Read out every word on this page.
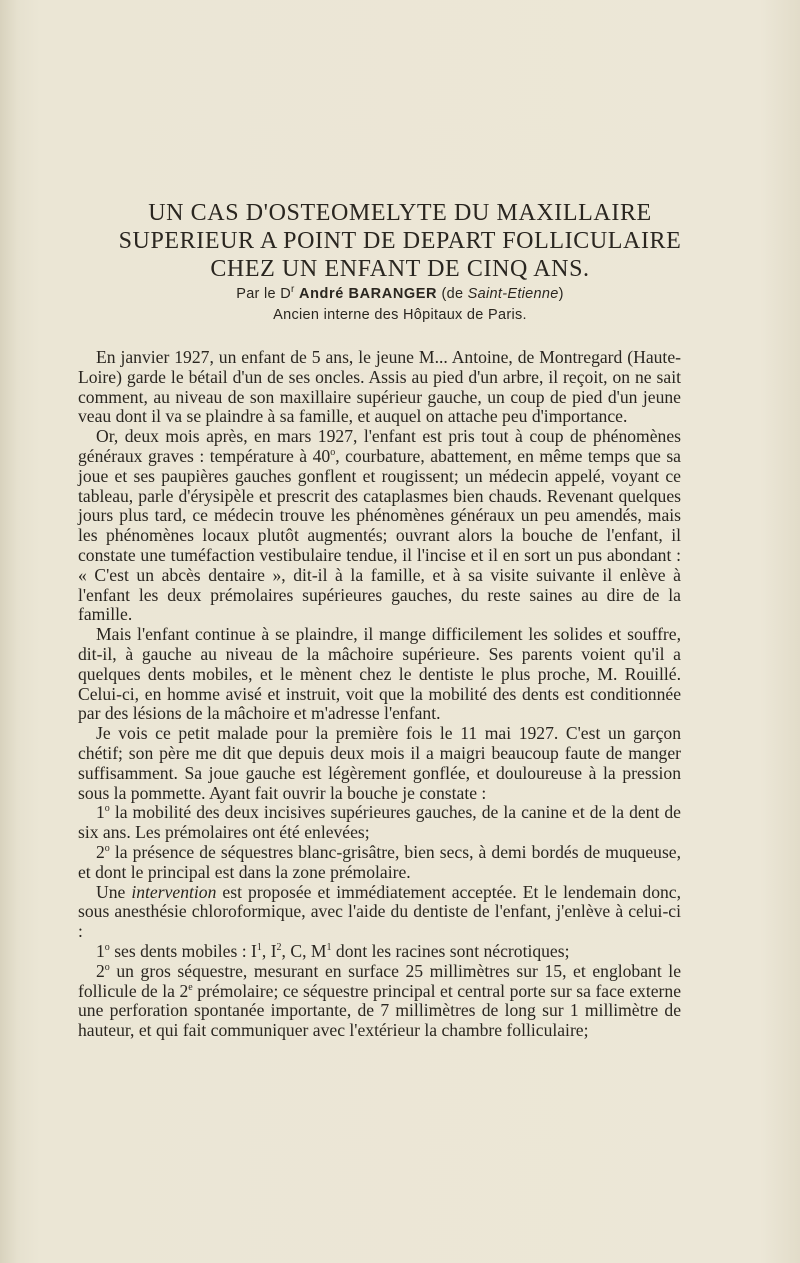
UN CAS D'OSTEOMELYTE DU MAXILLAIRE
SUPERIEUR A POINT DE DEPART FOLLICULAIRE
CHEZ UN ENFANT DE CINQ ANS.
Par le $D^r$ André BARANGER (de Saint-Etienne)
Ancien interne des Hôpitaux de Paris.

En janvier 1927, un enfant de 5 ans, le jeune M... Antoine, de Montregard (Haute-Loire) garde le bétail d'un de ses oncles. Assis au pied d'un arbre, il reçoit, on ne sait comment, au niveau de son maxillaire supérieur gauche, un coup de pied d'un jeune veau dont il va se plaindre à sa famille, et auquel on attache peu d'importance.

Or, deux mois après, en mars 1927, l'enfant est pris tout à coup de phénomènes généraux graves : température à 40$^o$, courbature, abattement, en même temps que sa joue et ses paupières gauches gonflent et rougissent; un médecin appelé, voyant ce tableau, parle d'érysipèle et prescrit des cataplasmes bien chauds. Revenant quelques jours plus tard, ce médecin trouve les phénomènes généraux un peu amendés, mais les phénomènes locaux plutôt augmentés; ouvrant alors la bouche de l'enfant, il constate une tuméfaction vestibulaire tendue, il l'incise et il en sort un pus abondant : « C'est un abcès dentaire », dit-il à la famille, et à sa visite suivante il enlève à l'enfant les deux prémolaires supérieures gauches, du reste saines au dire de la famille.

Mais l'enfant continue à se plaindre, il mange difficilement les solides et souffre, dit-il, à gauche au niveau de la mâchoire supérieure. Ses parents voient qu'il a quelques dents mobiles, et le mènent chez le dentiste le plus proche, M. Rouillé. Celui-ci, en homme avisé et instruit, voit que la mobilité des dents est conditionnée par des lésions de la mâchoire et m'adresse l'enfant.

Je vois ce petit malade pour la première fois le 11 mai 1927. C'est un garçon chétif; son père me dit que depuis deux mois il a maigri beaucoup faute de manger suffisamment. Sa joue gauche est légèrement gonflée, et douloureuse à la pression sous la pommette. Ayant fait ouvrir la bouche je constate :

1$^o$ la mobilité des deux incisives supérieures gauches, de la canine et de la dent de six ans. Les prémolaires ont été enlevées;

2$^o$ la présence de séquestres blanc-grisâtre, bien secs, à demi bordés de muqueuse, et dont le principal est dans la zone prémolaire.

Une intervention est proposée et immédiatement acceptée. Et le lendemain donc, sous anesthésie chloroformique, avec l'aide du dentiste de l'enfant, j'enlève à celui-ci :

1$^o$ ses dents mobiles : $I^1$, $I^2$, C, $M^1$ dont les racines sont nécrotiques;

2$^o$ un gros séquestre, mesurant en surface 25 millimètres sur 15, et englobant le follicule de la 2e prémolaire; ce séquestre principal et central porte sur sa face externe une perforation spontanée importante, de 7 millimètres de long sur 1 millimètre de hauteur, et qui fait communiquer avec l'extérieur la chambre folliculaire;
